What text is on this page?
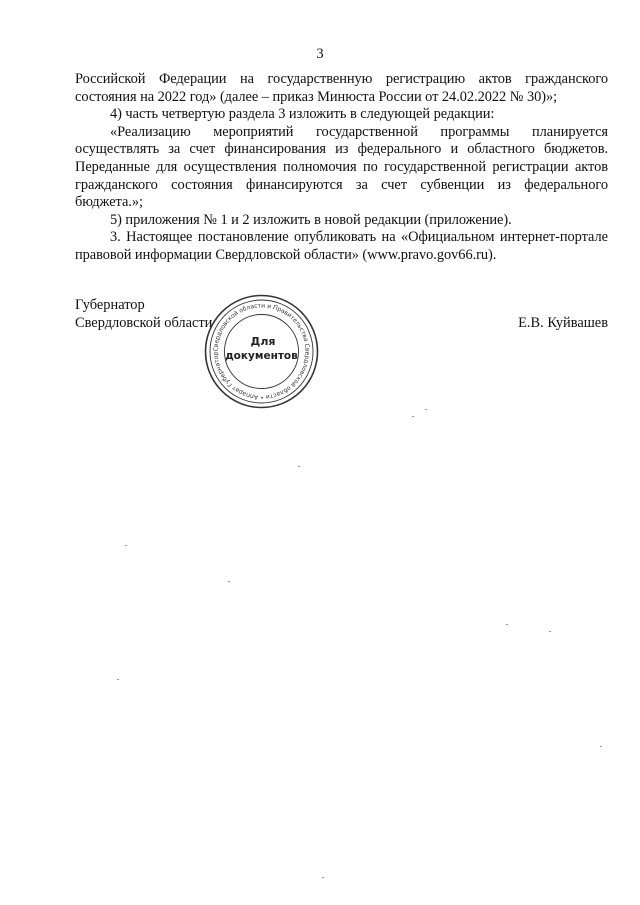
3

Российской Федерации на государственную регистрацию актов гражданского состояния на 2022 год» (далее – приказ Минюста России от 24.02.2022 № 30)»;

4) часть четвертую раздела 3 изложить в следующей редакции:

«Реализацию мероприятий государственной программы планируется осуществлять за счет финансирования из федерального и областного бюджетов. Переданные для осуществления полномочия по государственной регистрации актов гражданского состояния финансируются за счет субвенции из федерального бюджета.»;

5) приложения № 1 и 2 изложить в новой редакции (приложение).

3. Настоящее постановление опубликовать на «Официальном интернет-портале правовой информации Свердловской области» (www.pravo.gov66.ru).

Губернатор
Свердловской области	Е.В. Куйвашев
Свердловской области и Правительства Свердловской области • Аппарат Губернатор
Для
документов
